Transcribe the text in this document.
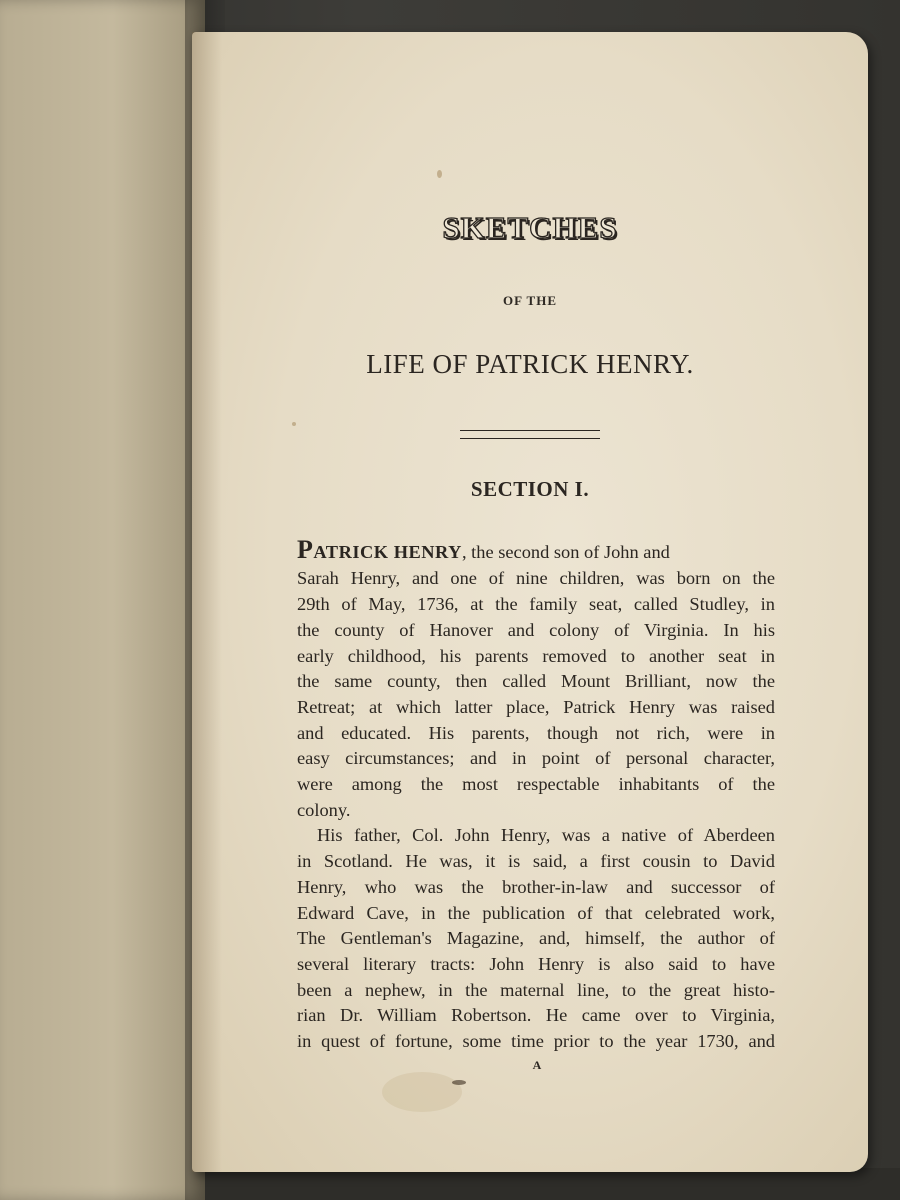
SKETCHES
OF THE
LIFE OF PATRICK HENRY.
SECTION I.
PATRICK HENRY, the second son of John and
Sarah Henry, and one of nine children, was born on the
29th of May, 1736, at the family seat, called Studley, in
the county of Hanover and colony of Virginia. In his
early childhood, his parents removed to another seat in
the same county, then called Mount Brilliant, now the
Retreat; at which latter place, Patrick Henry was raised
and educated. His parents, though not rich, were in
easy circumstances; and in point of personal character,
were among the most respectable inhabitants of the
colony.
His father, Col. John Henry, was a native of Aberdeen
in Scotland. He was, it is said, a first cousin to David
Henry, who was the brother-in-law and successor of
Edward Cave, in the publication of that celebrated work,
The Gentleman's Magazine, and, himself, the author of
several literary tracts: John Henry is also said to have
been a nephew, in the maternal line, to the great histo-
rian Dr. William Robertson. He came over to Virginia,
in quest of fortune, some time prior to the year 1730, and
A
